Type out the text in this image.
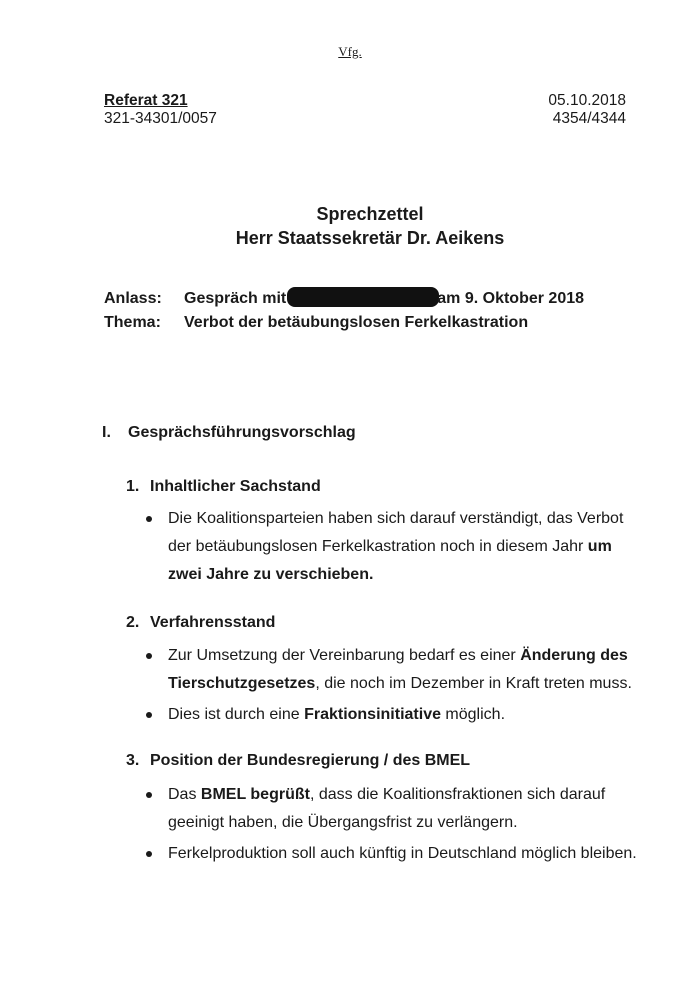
Vfg.
Referat 321
321-34301/0057
05.10.2018
4354/4344
Sprechzettel
Herr Staatssekretär Dr. Aeikens
Anlass: Gespräch mit	am 9. Oktober 2018
Thema: Verbot der betäubungslosen Ferkelkastration
I. Gesprächsführungsvorschlag
1. Inhaltlicher Sachstand
Die Koalitionsparteien haben sich darauf verständigt, das Verbot der betäubungslosen Ferkelkastration noch in diesem Jahr um zwei Jahre zu verschieben.
2. Verfahrensstand
Zur Umsetzung der Vereinbarung bedarf es einer Änderung des Tierschutzgesetzes, die noch im Dezember in Kraft treten muss.
Dies ist durch eine Fraktionsinitiative möglich.
3. Position der Bundesregierung / des BMEL
Das BMEL begrüßt, dass die Koalitionsfraktionen sich darauf geeinigt haben, die Übergangsfrist zu verlängern.
Ferkelproduktion soll auch künftig in Deutschland möglich bleiben.
